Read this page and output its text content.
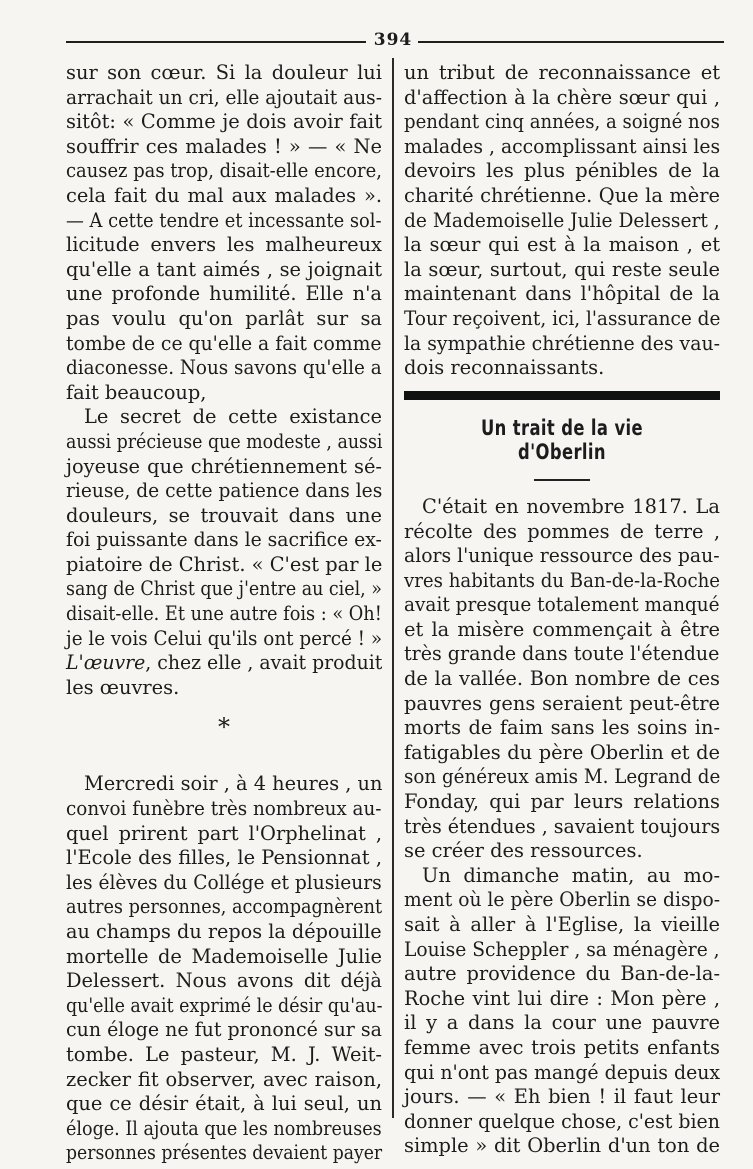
394
sur son cœur. Si la douleur lui
arrachait un cri, elle ajoutait aus-
sitôt: « Comme je dois avoir fait
souffrir ces malades ! » — « Ne
causez pas trop, disait-elle encore,
cela fait du mal aux malades ».
— A cette tendre et incessante sol-
licitude envers les malheureux
qu'elle a tant aimés , se joignait
une profonde humilité. Elle n'a
pas voulu qu'on parlât sur sa
tombe de ce qu'elle a fait comme
diaconesse. Nous savons qu'elle a
fait beaucoup,
Le secret de cette existance
aussi précieuse que modeste , aussi
joyeuse que chrétiennement sé-
rieuse, de cette patience dans les
douleurs, se trouvait dans une
foi puissante dans le sacrifice ex-
piatoire de Christ. « C'est par le
sang de Christ que j'entre au ciel, »
disait-elle. Et une autre fois : « Oh!
je le vois Celui qu'ils ont percé ! »
L'œuvre, chez elle , avait produit
les œuvres.
*
Mercredi soir , à 4 heures , un
convoi funèbre très nombreux au-
quel prirent part l'Orphelinat ,
l'Ecole des filles, le Pensionnat ,
les élèves du Collége et plusieurs
autres personnes, accompagnèrent
au champs du repos la dépouille
mortelle de Mademoiselle Julie
Delessert. Nous avons dit déjà
qu'elle avait exprimé le désir qu'au-
cun éloge ne fut prononcé sur sa
tombe. Le pasteur, M. J. Weit-
zecker fit observer, avec raison,
que ce désir était, à lui seul, un
éloge. Il ajouta que les nombreuses
personnes présentes devaient payer
un tribut de reconnaissance et
d'affection à la chère sœur qui ,
pendant cinq années, a soigné nos
malades , accomplissant ainsi les
devoirs les plus pénibles de la
charité chrétienne. Que la mère
de Mademoiselle Julie Delessert ,
la sœur qui est à la maison , et
la sœur, surtout, qui reste seule
maintenant dans l'hôpital de la
Tour reçoivent, ici, l'assurance de
la sympathie chrétienne des vau-
dois reconnaissants.
Un trait de la vie d'Oberlin
C'était en novembre 1817. La
récolte des pommes de terre ,
alors l'unique ressource des pau-
vres habitants du Ban-de-la-Roche
avait presque totalement manqué
et la misère commençait à être
très grande dans toute l'étendue
de la vallée. Bon nombre de ces
pauvres gens seraient peut-être
morts de faim sans les soins in-
fatigables du père Oberlin et de
son généreux amis M. Legrand de
Fonday, qui par leurs relations
très étendues , savaient toujours
se créer des ressources.
Un dimanche matin, au mo-
ment où le père Oberlin se dispo-
sait à aller à l'Eglise, la vieille
Louise Scheppler , sa ménagère ,
autre providence du Ban-de-la-
Roche vint lui dire : Mon père ,
il y a dans la cour une pauvre
femme avec trois petits enfants
qui n'ont pas mangé depuis deux
jours. — « Eh bien ! il faut leur
donner quelque chose, c'est bien
simple » dit Oberlin d'un ton de
